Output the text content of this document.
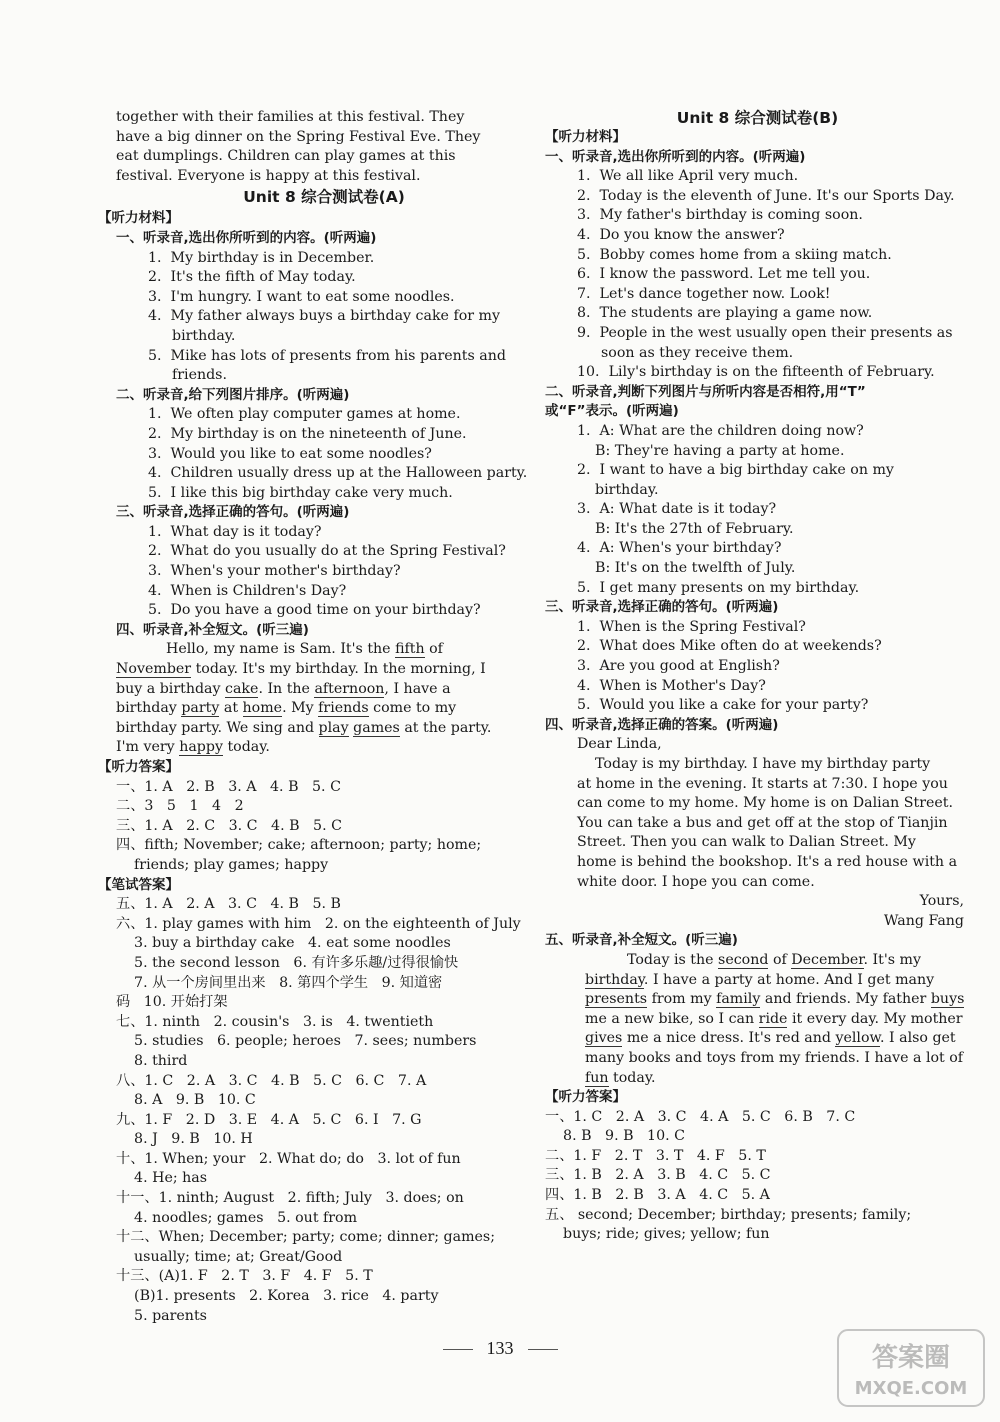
together with their families at this festival. They
have a big dinner on the Spring Festival Eve. They
eat dumplings. Children can play games at this
festival. Everyone is happy at this festival.
Unit 8 综合测试卷(A)
【听力材料】
一、听录音,选出你所听到的内容。(听两遍)
1.  My birthday is in December.
2.  It's the fifth of May today.
3.  I'm hungry. I want to eat some noodles.
4.  My father always buys a birthday cake for my
birthday.
5.  Mike has lots of presents from his parents and
friends.
二、听录音,给下列图片排序。(听两遍)
1.  We often play computer games at home.
2.  My birthday is on the nineteenth of June.
3.  Would you like to eat some noodles?
4.  Children usually dress up at the Halloween party.
5.  I like this big birthday cake very much.
三、听录音,选择正确的答句。(听两遍)
1.  What day is it today?
2.  What do you usually do at the Spring Festival?
3.  When's your mother's birthday?
4.  When is Children's Day?
5.  Do you have a good time on your birthday?
四、听录音,补全短文。(听三遍)
Hello, my name is Sam. It's the fifth of
November today. It's my birthday. In the morning, I
buy a birthday cake. In the afternoon, I have a
birthday party at home. My friends come to my
birthday party. We sing and play games at the party.
I'm very happy today.
【听力答案】
一、1. A   2. B   3. A   4. B   5. C
二、3   5   1   4   2
三、1. A   2. C   3. C   4. B   5. C
四、fifth; November; cake; afternoon; party; home;
friends; play games; happy
【笔试答案】
五、1. A   2. A   3. C   4. B   5. B
六、1. play games with him   2. on the eighteenth of July
3. buy a birthday cake   4. eat some noodles
5. the second lesson   6. 有许多乐趣/过得很愉快
7. 从一个房间里出来   8. 第四个学生   9. 知道密
码   10. 开始打架
七、1. ninth   2. cousin's   3. is   4. twentieth
5. studies   6. people; heroes   7. sees; numbers
8. third
八、1. C   2. A   3. C   4. B   5. C   6. C   7. A
8. A   9. B   10. C
九、1. F   2. D   3. E   4. A   5. C   6. I   7. G
8. J   9. B   10. H
十、1. When; your   2. What do; do   3. lot of fun
4. He; has
十一、1. ninth; August   2. fifth; July   3. does; on
4. noodles; games   5. out from
十二、When; December; party; come; dinner; games;
usually; time; at; Great/Good
十三、(A)1. F   2. T   3. F   4. F   5. T
(B)1. presents   2. Korea   3. rice   4. party
5. parents
Unit 8 综合测试卷(B)
【听力材料】
一、听录音,选出你所听到的内容。(听两遍)
1.  We all like April very much.
2.  Today is the eleventh of June. It's our Sports Day.
3.  My father's birthday is coming soon.
4.  Do you know the answer?
5.  Bobby comes home from a skiing match.
6.  I know the password. Let me tell you.
7.  Let's dance together now. Look!
8.  The students are playing a game now.
9.  People in the west usually open their presents as
soon as they receive them.
10.  Lily's birthday is on the fifteenth of February.
二、听录音,判断下列图片与所听内容是否相符,用“T”
或“F”表示。(听两遍)
1.  A: What are the children doing now?
B: They're having a party at home.
2.  I want to have a big birthday cake on my
birthday.
3.  A: What date is it today?
B: It's the 27th of February.
4.  A: When's your birthday?
B: It's on the twelfth of July.
5.  I get many presents on my birthday.
三、听录音,选择正确的答句。(听两遍)
1.  When is the Spring Festival?
2.  What does Mike often do at weekends?
3.  Are you good at English?
4.  When is Mother's Day?
5.  Would you like a cake for your party?
四、听录音,选择正确的答案。(听两遍)
Dear Linda,
Today is my birthday. I have my birthday party
at home in the evening. It starts at 7:30. I hope you
can come to my home. My home is on Dalian Street.
You can take a bus and get off at the stop of Tianjin
Street. Then you can walk to Dalian Street. My
home is behind the bookshop. It's a red house with a
white door. I hope you can come.
Yours,
Wang Fang
五、听录音,补全短文。(听三遍)
Today is the second of December. It's my
birthday. I have a party at home. And I get many
presents from my family and friends. My father buys
me a new bike, so I can ride it every day. My mother
gives me a nice dress. It's red and yellow. I also get
many books and toys from my friends. I have a lot of
fun today.
【听力答案】
一、1. C   2. A   3. C   4. A   5. C   6. B   7. C
8. B   9. B   10. C
二、1. F   2. T   3. T   4. F   5. T
三、1. B   2. A   3. B   4. C   5. C
四、1. B   2. B   3. A   4. C   5. A
五、 second; December; birthday; presents; family;
buys; ride; gives; yellow; fun
133	答案圈
MXQE.COM
